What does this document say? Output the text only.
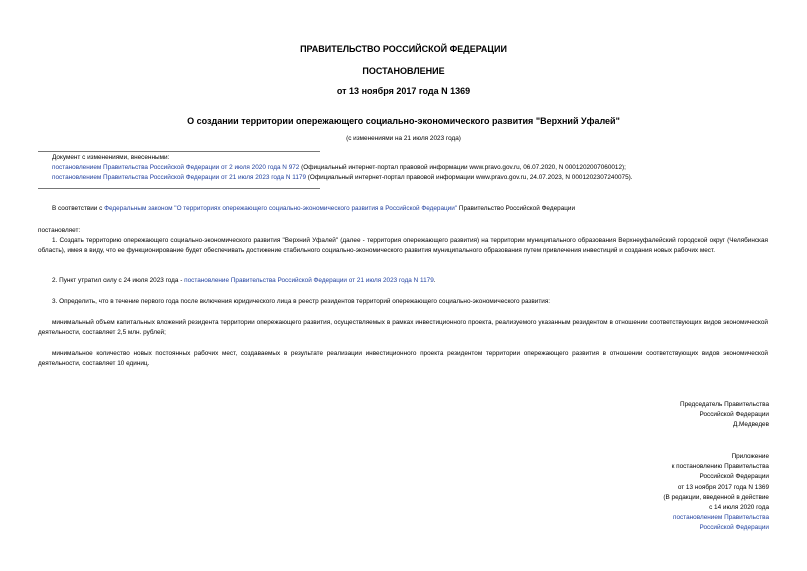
ПРАВИТЕЛЬСТВО РОССИЙСКОЙ ФЕДЕРАЦИИ
ПОСТАНОВЛЕНИЕ
от 13 ноября 2017 года N 1369
О создании территории опережающего социально-экономического развития "Верхний Уфалей"
(с изменениями на 21 июля 2023 года)
Документ с изменениями, внесенными:
постановлением Правительства Российской Федерации от 2 июля 2020 года N 972 (Официальный интернет-портал правовой информации www.pravo.gov.ru, 06.07.2020, N 0001202007060012);
постановлением Правительства Российской Федерации от 21 июля 2023 года N 1179 (Официальный интернет-портал правовой информации www.pravo.gov.ru, 24.07.2023, N 0001202307240075).
В соответствии с Федеральным законом "О территориях опережающего социально-экономического развития в Российской Федерации" Правительство Российской Федерации
постановляет:
1. Создать территорию опережающего социально-экономического развития "Верхний Уфалей" (далее - территория опережающего развития) на территории муниципального образования Верхнеуфалейский городской округ (Челябинская область), имея в виду, что ее функционирование будет обеспечивать достижение стабильного социально-экономического развития муниципального образования путем привлечения инвестиций и создания новых рабочих мест.
2. Пункт утратил силу с 24 июля 2023 года - постановление Правительства Российской Федерации от 21 июля 2023 года N 1179.
3. Определить, что в течение первого года после включения юридического лица в реестр резидентов территорий опережающего социально-экономического развития:
минимальный объем капитальных вложений резидента территории опережающего развития, осуществляемых в рамках инвестиционного проекта, реализуемого указанным резидентом в отношении соответствующих видов экономической деятельности, составляет 2,5 млн. рублей;
минимальное количество новых постоянных рабочих мест, создаваемых в результате реализации инвестиционного проекта резидентом территории опережающего развития в отношении соответствующих видов экономической деятельности, составляет 10 единиц.
Председатель Правительства
Российской Федерации
Д.Медведев
Приложение
к постановлению Правительства
Российской Федерации
от 13 ноября 2017 года N 1369
(В редакции, введенной в действие
с 14 июля 2020 года
постановлением Правительства
Российской Федерации
